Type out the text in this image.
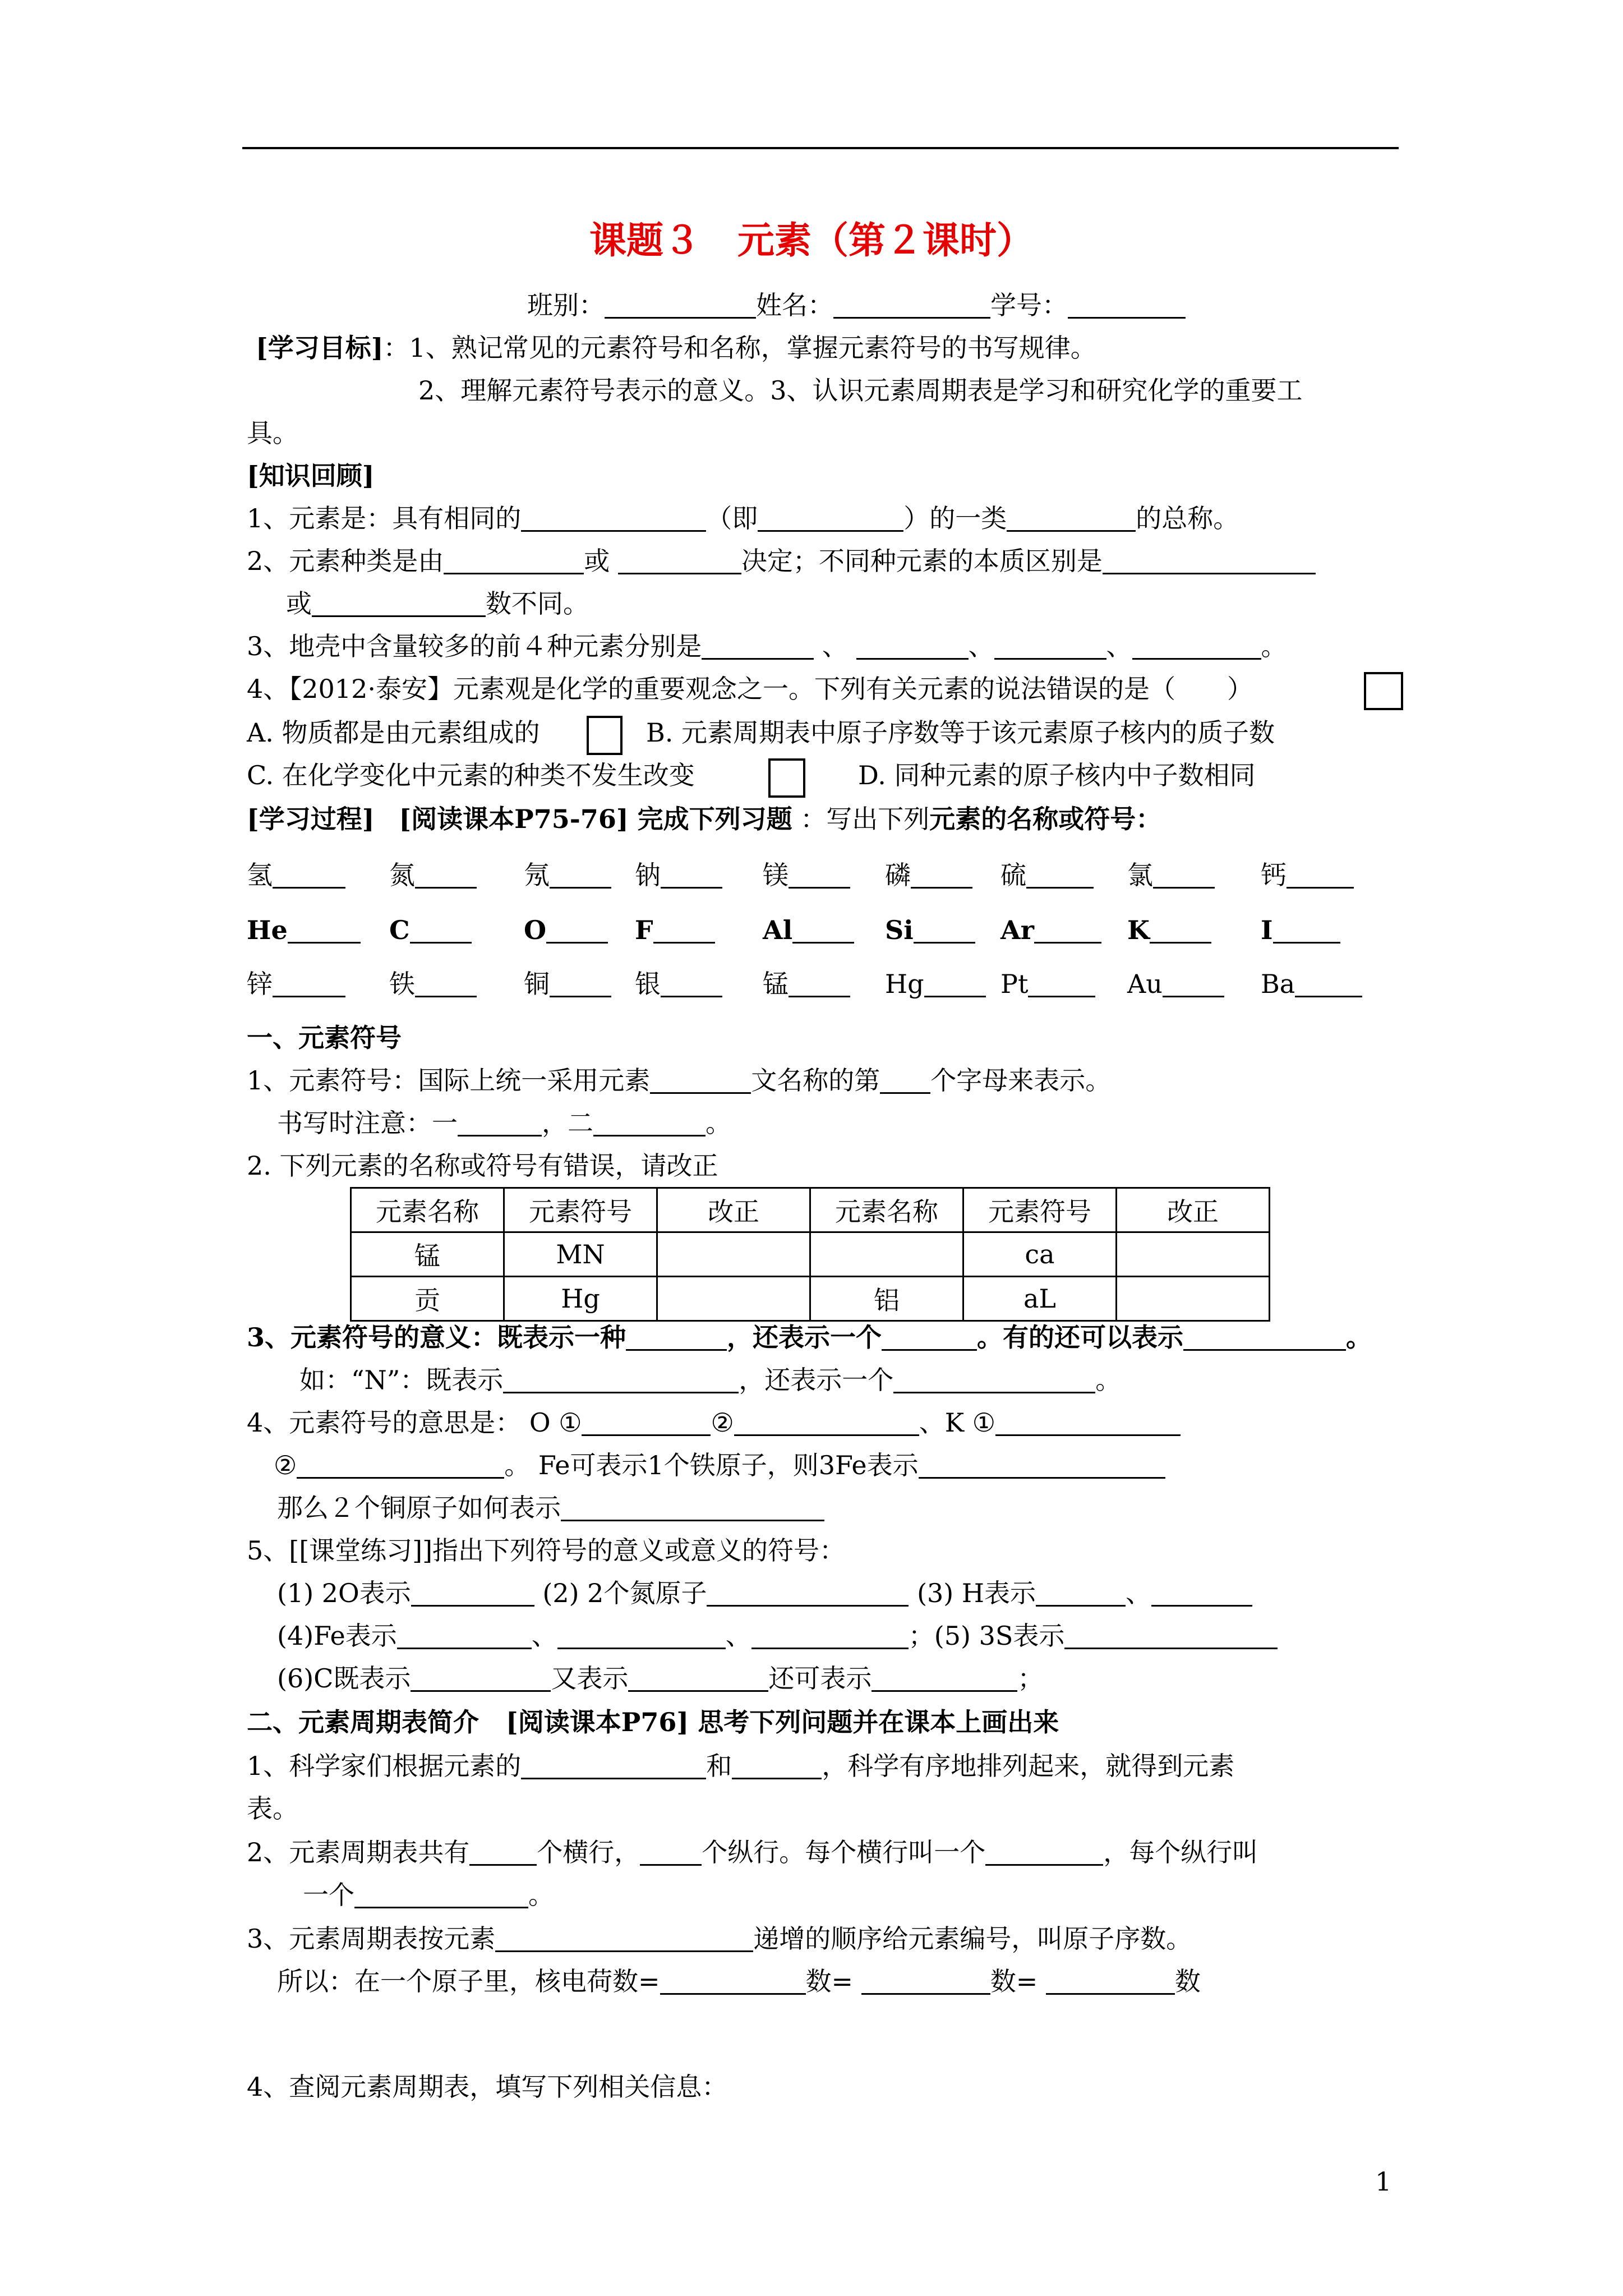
课题３　元素（第２课时）
班别：	姓名：	学号：
[学习目标]：1、熟记常见的元素符号和名称，掌握元素符号的书写规律。
2、理解元素符号表示的意义。3、认识元素周期表是学习和研究化学的重要工
具。
[知识回顾]
1、元素是：具有相同的	（即	）的一类	的总称。
2、元素种类是由	或	决定；不同种元素的本质区别是
或	数不同。
3、地壳中含量较多的前４种元素分别是	、	、	、	。
4、【2012·泰安】元素观是化学的重要观念之一。下列有关元素的说法错误的是（　　）
A. 物质都是由元素组成的	B. 元素周期表中原子序数等于该元素原子核内的质子数
C. 在化学变化中元素的种类不发生改变	D. 同种元素的原子核内中子数相同
[学习过程] [阅读课本P75-76] 完成下列习题 ：写出下列元素的名称或符号：
氢	氮	氖	钠	镁	磷	硫	氯	钙
He	C	O	F	Al	Si	Ar	K	I
锌	铁	铜	银	锰	Hg	Pt	Au	Ba
一、元素符号
1、元素符号：国际上统一采用元素	文名称的第 个字母来表示。
书写时注意：一	，二	。
2. 下列元素的名称或符号有错误，请改正
元素名称	元素符号	改正	元素名称	元素符号	改正
锰	MN			ca	
贡	Hg		铝	aL	
3、元素符号的意义：既表示一种	，还表示一个	。有的还可以表示	。
如：“N”：既表示	，还表示一个	。
4、元素符号的意思是： O ①	②	、K ①
②	。 Fe可表示1个铁原子，则3Fe表示
那么２个铜原子如何表示
5、[[课堂练习]]指出下列符号的意义或意义的符号：
(1) 2O表示	(2) 2个氮原子	(3) H表示	、
(4)Fe表示	、	、	；(5) 3S表示
(6)C既表示	又表示	还可表示	；
二、元素周期表简介 [阅读课本P76] 思考下列问题并在课本上画出来
1、科学家们根据元素的	和	，科学有序地排列起来，就得到元素
表。
2、元素周期表共有	个横行， 个纵行。每个横行叫一个	，每个纵行叫
一个	。
3、元素周期表按元素	递增的顺序给元素编号，叫原子序数。
所以：在一个原子里，核电荷数=	数=	数=	数
4、查阅元素周期表，填写下列相关信息：
1
